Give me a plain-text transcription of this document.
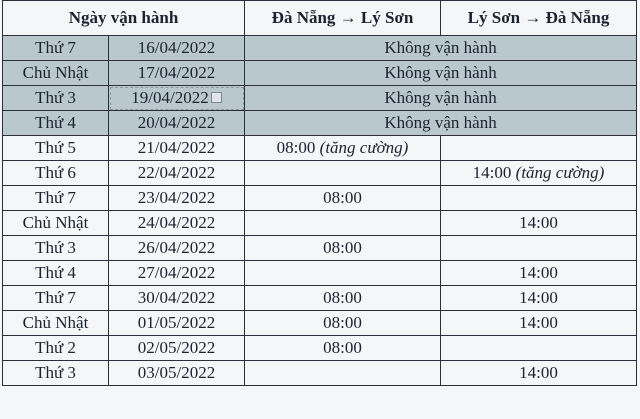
Ngày vận hành		Đà Nẵng → Lý Sơn	Lý Sơn → Đà Nẵng
Thứ 7	16/04/2022	Không vận hành	
Chủ Nhật	17/04/2022	Không vận hành	
Thứ 3	19/04/2022	Không vận hành	
Thứ 4	20/04/2022	Không vận hành	
Thứ 5	21/04/2022	08:00 (tăng cường)	
Thứ 6	22/04/2022		14:00 (tăng cường)
Thứ 7	23/04/2022	08:00	
Chủ Nhật	24/04/2022		14:00
Thứ 3	26/04/2022	08:00	
Thứ 4	27/04/2022		14:00
Thứ 7	30/04/2022	08:00	14:00
Chủ Nhật	01/05/2022	08:00	14:00
Thứ 2	02/05/2022	08:00	
Thứ 3	03/05/2022		14:00
